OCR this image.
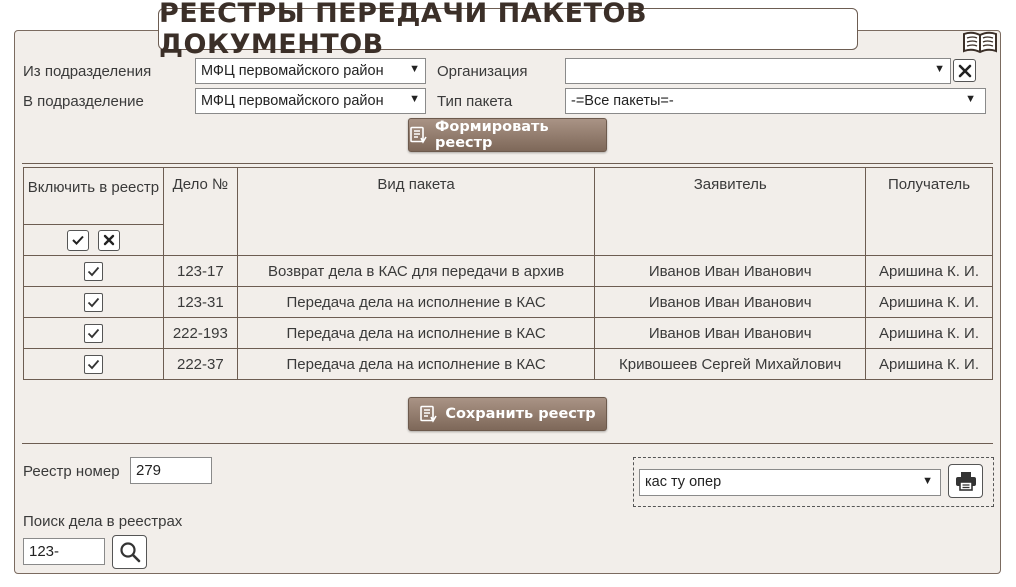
РЕЕСТРЫ ПЕРЕДАЧИ ПАКЕТОВ ДОКУМЕНТОВ
Из подразделения	МФЦ первомайского район ▼
В подразделение	МФЦ первомайского район ▼
Организация	▼
Тип пакета	-=Все пакеты=-	▼
Формировать реестр
Включить в реестр	Дело №	Вид пакета	Заявитель	Получатель

	123-17	Возврат дела в КАС для передачи в архив	Иванов Иван Иванович	Аришина К. И.

	123-31	Передача дела на исполнение в КАС	Иванов Иван Иванович	Аришина К. И.

	222-193	Передача дела на исполнение в КАС	Иванов Иван Иванович	Аришина К. И.

	222-37	Передача дела на исполнение в КАС	Кривошеев Сергей Михайлович	Аришина К. И.
Сохранить реестр
Реестр номер	279
кас ту опер	▼
Поиск дела в реестрах
123-
